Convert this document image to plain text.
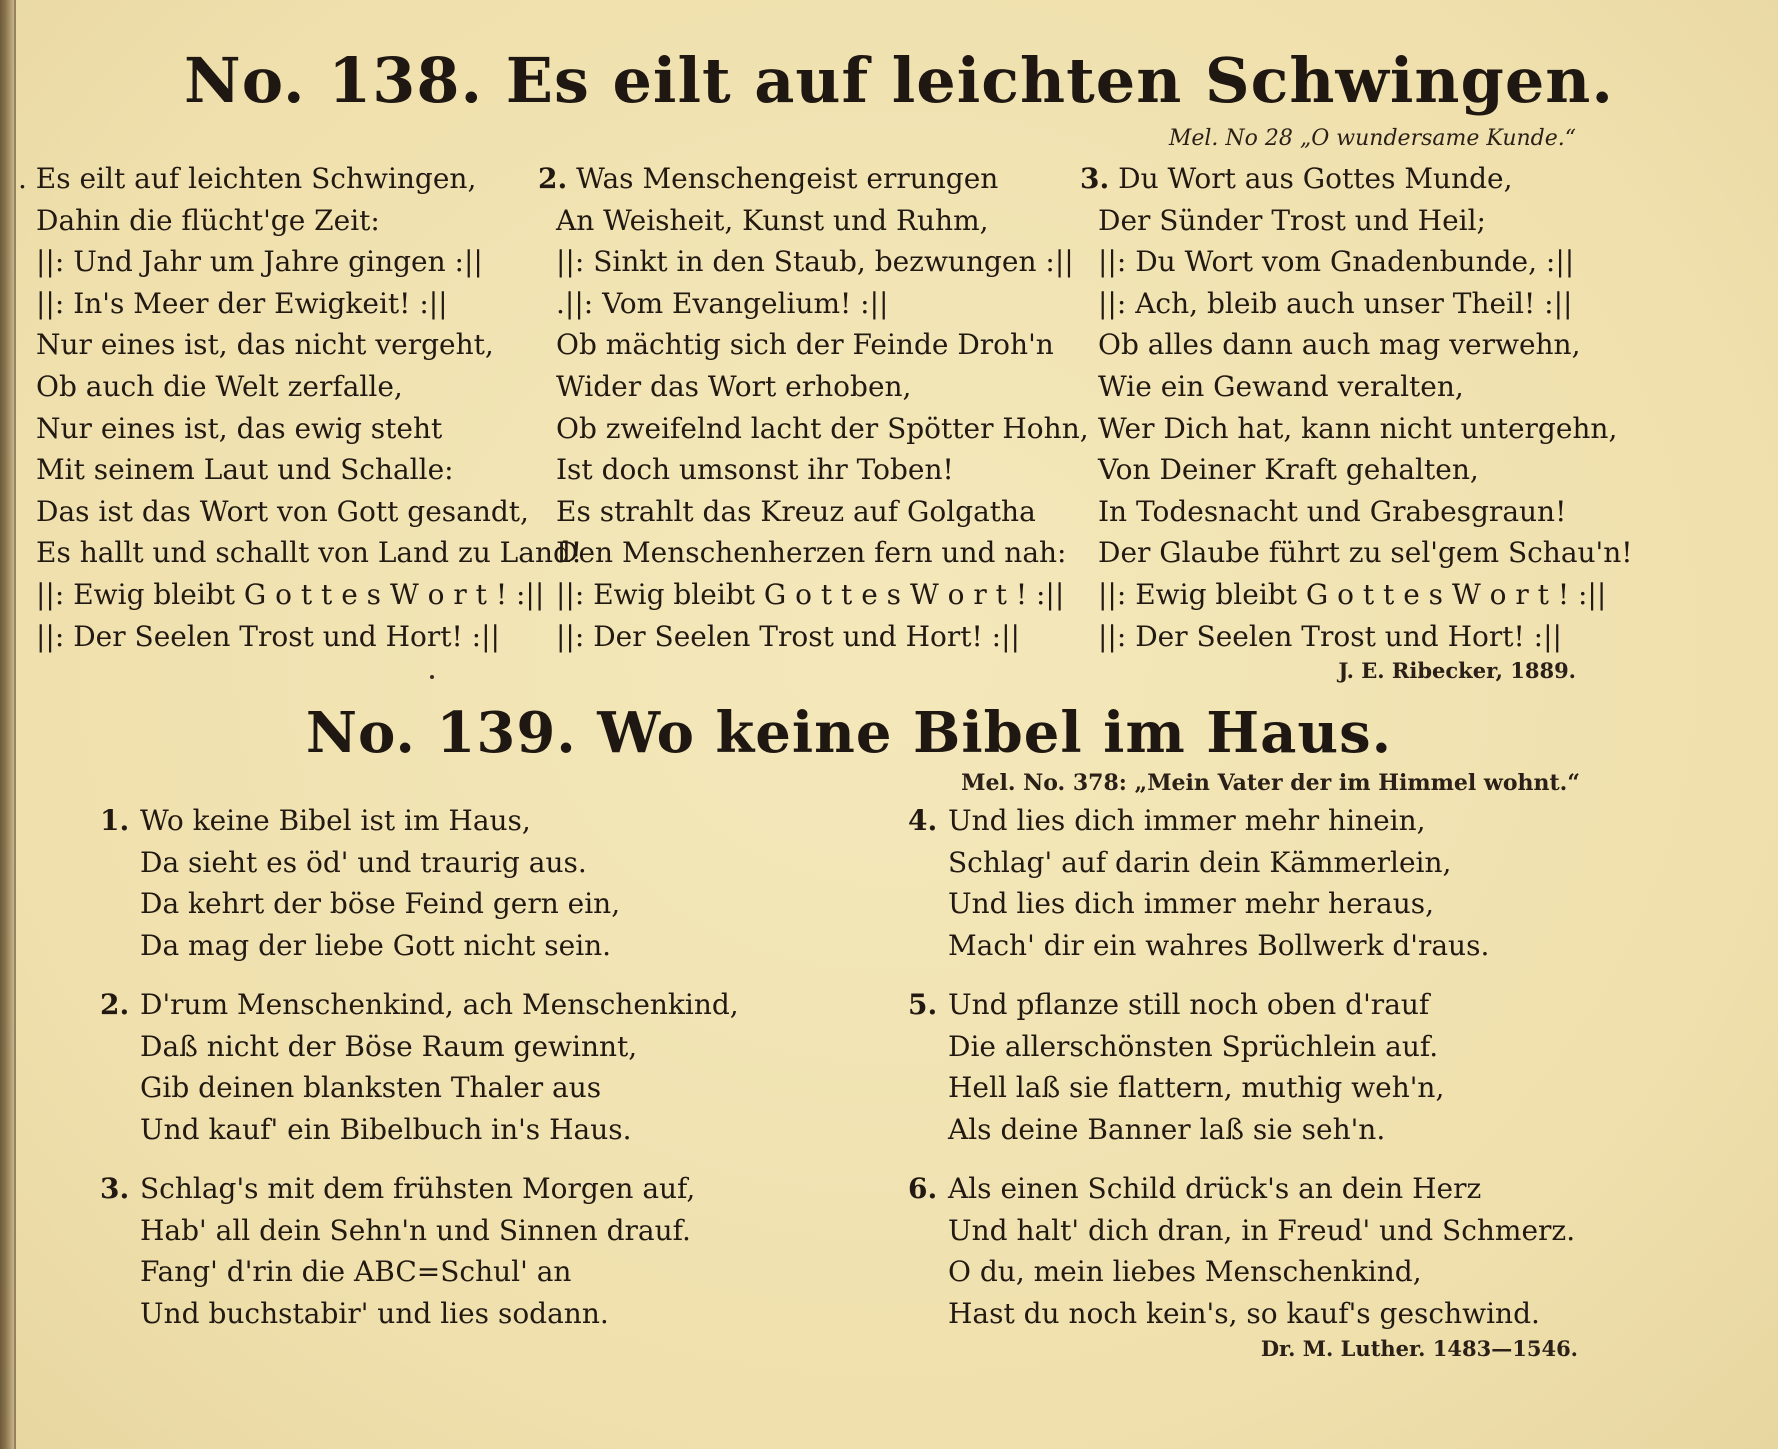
No. 138. Es eilt auf leichten Schwingen.
Mel. No 28 „O wundersame Kunde.“
. Es eilt auf leichten Schwingen,
Dahin die flücht'ge Zeit:
||: Und Jahr um Jahre gingen :||
||: In's Meer der Ewigkeit! :||
Nur eines ist, das nicht vergeht,
Ob auch die Welt zerfalle,
Nur eines ist, das ewig steht
Mit seinem Laut und Schalle:
Das ist das Wort von Gott gesandt,
Es hallt und schallt von Land zu Land!
||: Ewig bleibt G o t t e s W o r t ! :||
||: Der Seelen Trost und Hort! :||
2. Was Menschengeist errungen
An Weisheit, Kunst und Ruhm,
||: Sinkt in den Staub, bezwungen :||
.||: Vom Evangelium! :||
Ob mächtig sich der Feinde Droh'n
Wider das Wort erhoben,
Ob zweifelnd lacht der Spötter Hohn,
Ist doch umsonst ihr Toben!
Es strahlt das Kreuz auf Golgatha
Den Menschenherzen fern und nah:
||: Ewig bleibt G o t t e s W o r t ! :||
||: Der Seelen Trost und Hort! :||
3. Du Wort aus Gottes Munde,
Der Sünder Trost und Heil;
||: Du Wort vom Gnadenbunde, :||
||: Ach, bleib auch unser Theil! :||
Ob alles dann auch mag verwehn,
Wie ein Gewand veralten,
Wer Dich hat, kann nicht untergehn,
Von Deiner Kraft gehalten,
In Todesnacht und Grabesgraun!
Der Glaube führt zu sel'gem Schau'n!
||: Ewig bleibt G o t t e s W o r t ! :||
||: Der Seelen Trost und Hort! :||
J. E. Ribecker, 1889.
No. 139. Wo keine Bibel im Haus.
Mel. No. 378: „Mein Vater der im Himmel wohnt.“
1. Wo keine Bibel ist im Haus,
Da sieht es öd' und traurig aus.
Da kehrt der böse Feind gern ein,
Da mag der liebe Gott nicht sein.
2. D'rum Menschenkind, ach Menschenkind,
Daß nicht der Böse Raum gewinnt,
Gib deinen blanksten Thaler aus
Und kauf' ein Bibelbuch in's Haus.
3. Schlag's mit dem frühsten Morgen auf,
Hab' all dein Sehn'n und Sinnen drauf.
Fang' d'rin die ABC=Schul' an
Und buchstabir' und lies sodann.
4. Und lies dich immer mehr hinein,
Schlag' auf darin dein Kämmerlein,
Und lies dich immer mehr heraus,
Mach' dir ein wahres Bollwerk d'raus.
5. Und pflanze still noch oben d'rauf
Die allerschönsten Sprüchlein auf.
Hell laß sie flattern, muthig weh'n,
Als deine Banner laß sie seh'n.
6. Als einen Schild drück's an dein Herz
Und halt' dich dran, in Freud' und Schmerz.
O du, mein liebes Menschenkind,
Hast du noch kein's, so kauf's geschwind.
Dr. M. Luther. 1483—1546.
